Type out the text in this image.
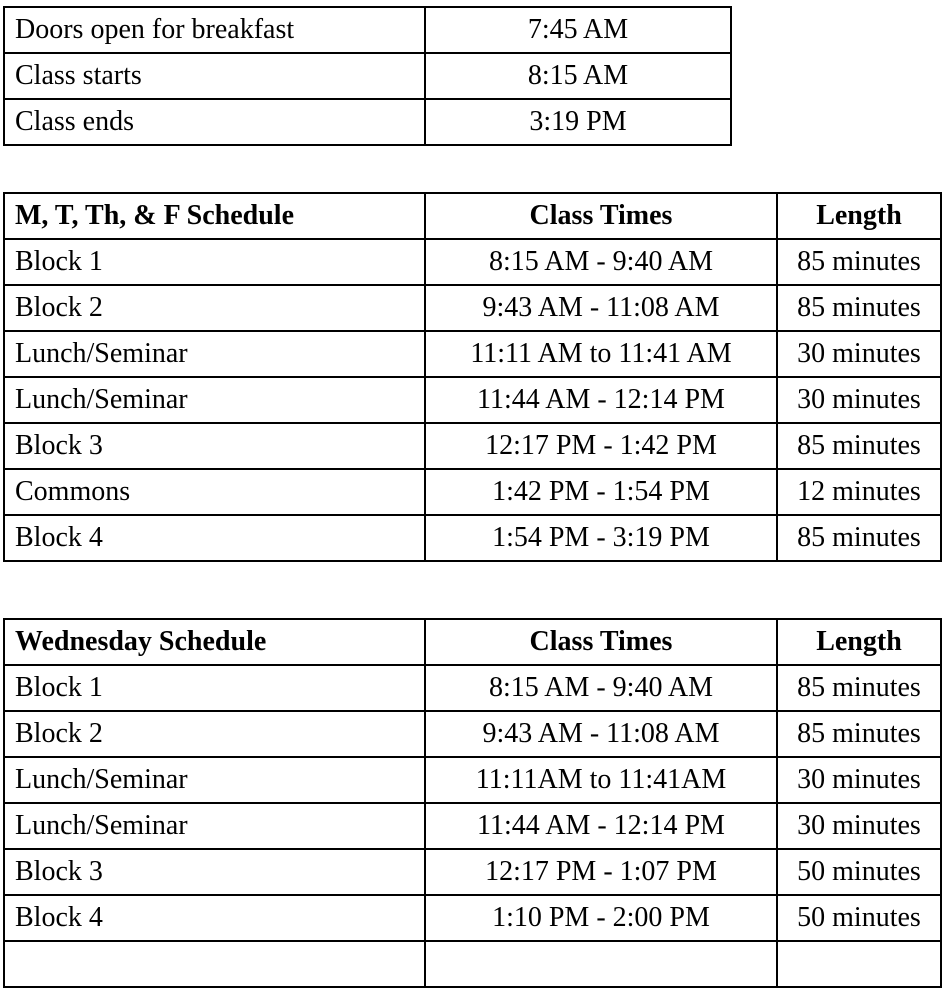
Doors open for breakfast	7:45 AM
Class starts	8:15 AM
Class ends	3:19 PM
M, T, Th, & F Schedule	Class Times	Length
Block 1	8:15 AM - 9:40 AM	85 minutes
Block 2	9:43 AM - 11:08 AM	85 minutes
Lunch/Seminar	11:11 AM to 11:41 AM	30 minutes
Lunch/Seminar	11:44 AM - 12:14 PM	30 minutes
Block 3	12:17 PM - 1:42 PM	85 minutes
Commons	1:42 PM - 1:54 PM	12 minutes
Block 4	1:54 PM - 3:19 PM	85 minutes
Wednesday Schedule	Class Times	Length
Block 1	8:15 AM - 9:40 AM	85 minutes
Block 2	9:43 AM - 11:08 AM	85 minutes
Lunch/Seminar	11:11AM to 11:41AM	30 minutes
Lunch/Seminar	11:44 AM - 12:14 PM	30 minutes
Block 3	12:17 PM - 1:07 PM	50 minutes
Block 4	1:10 PM - 2:00 PM	50 minutes
